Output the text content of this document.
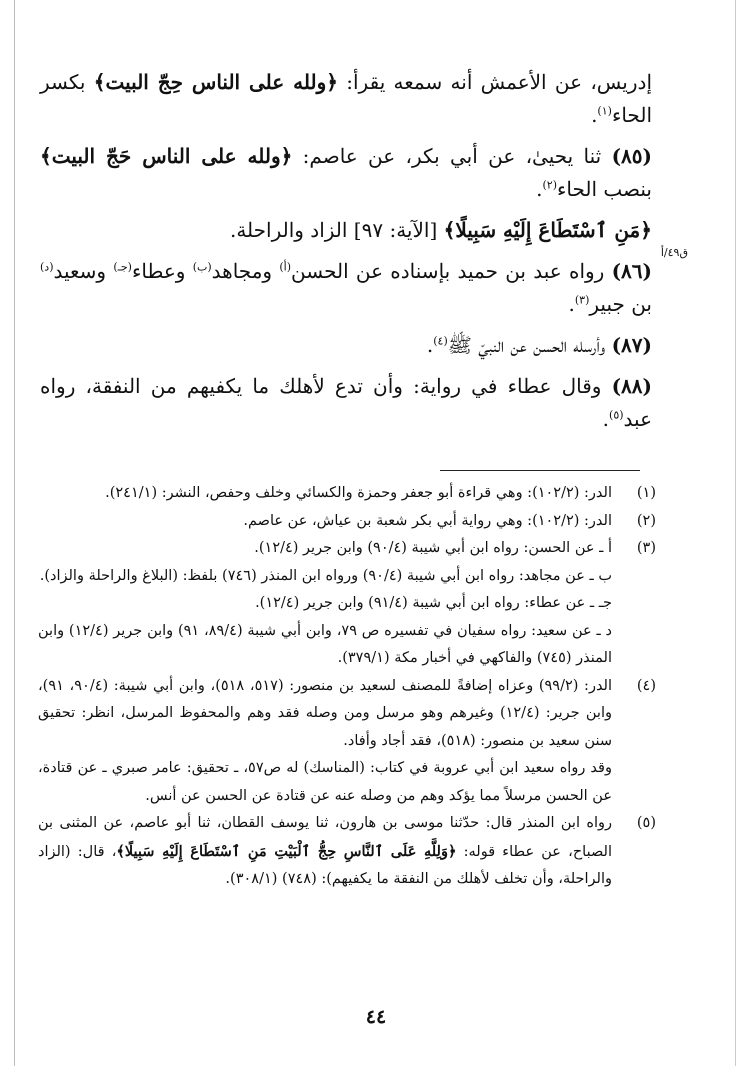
إدريس، عن الأعمش أنه سمعه يقرأ: ﴿ولله على الناس حِجّ البيت﴾ بكسر الحاء$^{(١)}$.

(٨٥) ثنا يحيىٰ، عن أبي بكر، عن عاصم: ﴿ولله على الناس حَجّ البيت﴾ بنصب الحاء$^{(٢)}$.

﴿مَنِ ٱسْتَطَاعَ إِلَيْهِ سَبِيلًا﴾ [الآية: ٩٧] الزاد والراحلة.

(٨٦) رواه عبد بن حميد بإسناده عن الحسن$^{(أ)}$ ومجاهد$^{(ب)}$ وعطاء$^{(جـ)}$ وسعيد$^{(د)}$ بن جبير$^{(٣)}$.

(٨٧) وأرسله الحسن عن النبيّ ﷺ$^{(٤)}$.

(٨٨) وقال عطاء في رواية: وأن تدع لأهلك ما يكفيهم من النفقة، رواه عبد$^{(٥)}$.

ق٤٩/أ
(١)
الدر: (١٠٢/٢): وهي قراءة أبو جعفر وحمزة والكسائي وخلف وحفص، النشر: (٢٤١/١).
(٢)
الدر: (١٠٢/٢): وهي رواية أبي بكر شعبة بن عياش، عن عاصم.
(٣)
أ ـ عن الحسن: رواه ابن أبي شيبة (٩٠/٤) وابن جرير (١٢/٤).
ب ـ عن مجاهد: رواه ابن أبي شيبة (٩٠/٤) ورواه ابن المنذر (٧٤٦) بلفظ: (البلاغ والراحلة والزاد).
جـ ـ عن عطاء: رواه ابن أبي شيبة (٩١/٤) وابن جرير (١٢/٤).
د ـ عن سعيد: رواه سفيان في تفسيره ص ٧٩، وابن أبي شيبة (٨٩/٤، ٩١) وابن جرير (١٢/٤) وابن المنذر (٧٤٥) والفاكهي في أخبار مكة (٣٧٩/١).
(٤)
الدر: (٩٩/٢) وعزاه إضافةً للمصنف لسعيد بن منصور: (٥١٧، ٥١٨)، وابن أبي شيبة: (٩٠/٤، ٩١)، وابن جرير: (١٢/٤) وغيرهم وهو مرسل ومن وصله فقد وهم والمحفوظ المرسل، انظر: تحقيق سنن سعيد بن منصور: (٥١٨)، فقد أجاد وأفاد.
وقد رواه سعيد ابن أبي عروبة في كتاب: (المناسك) له ص٥٧، ـ تحقيق: عامر صبري ـ عن قتادة، عن الحسن مرسلاً مما يؤكد وهم من وصله عنه عن قتادة عن الحسن عن أنس.
(٥)
رواه ابن المنذر قال: حدّثنا موسى بن هارون، ثنا يوسف القطان، ثنا أبو عاصم، عن المثنى بن الصباح، عن عطاء قوله: ﴿وَلِلَّهِ عَلَى ٱلنَّاسِ حِجُّ ٱلْبَيْتِ مَنِ ٱسْتَطَاعَ إِلَيْهِ سَبِيلًا﴾، قال: (الزاد والراحلة، وأن تخلف لأهلك من النفقة ما يكفيهم): (٧٤٨) (٣٠٨/١).
٤٤
